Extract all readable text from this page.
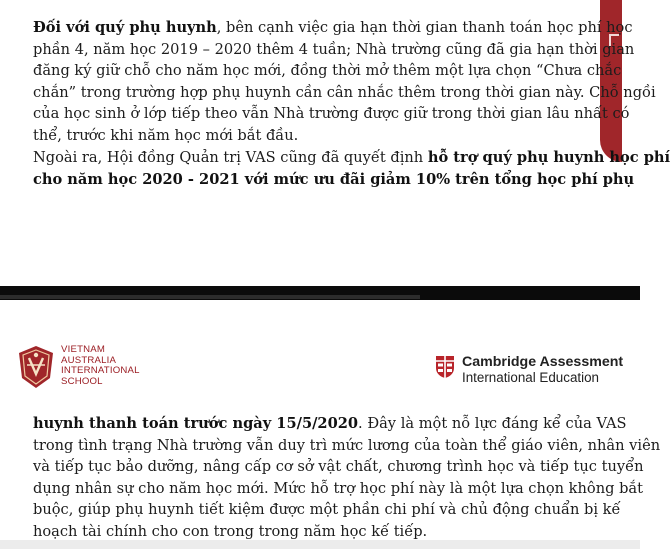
Đối với quý phụ huynh, bên cạnh việc gia hạn thời gian thanh toán học phí học
phần 4, năm học 2019 – 2020 thêm 4 tuần; Nhà trường cũng đã gia hạn thời gian
đăng ký giữ chỗ cho năm học mới, đồng thời mở thêm một lựa chọn “Chưa chắc
chắn” trong trường hợp phụ huynh cần cân nhắc thêm trong thời gian này. Chỗ ngồi
của học sinh ở lớp tiếp theo vẫn Nhà trường được giữ trong thời gian lâu nhất có
thể, trước khi năm học mới bắt đầu.

Ngoài ra, Hội đồng Quản trị VAS cũng đã quyết định hỗ trợ quý phụ huynh học phí
cho năm học 2020 - 2021 với mức ưu đãi giảm 10% trên tổng học phí phụ

VIETNAM
AUSTRALIA
INTERNATIONAL
SCHOOL
Cambridge Assessment
International Education

huynh thanh toán trước ngày 15/5/2020. Đây là một nỗ lực đáng kể của VAS
trong tình trạng Nhà trường vẫn duy trì mức lương của toàn thể giáo viên, nhân viên
và tiếp tục bảo dưỡng, nâng cấp cơ sở vật chất, chương trình học và tiếp tục tuyển
dụng nhân sự cho năm học mới. Mức hỗ trợ học phí này là một lựa chọn không bắt
buộc, giúp phụ huynh tiết kiệm được một phần chi phí và chủ động chuẩn bị kế
hoạch tài chính cho con trong trong năm học kế tiếp.
